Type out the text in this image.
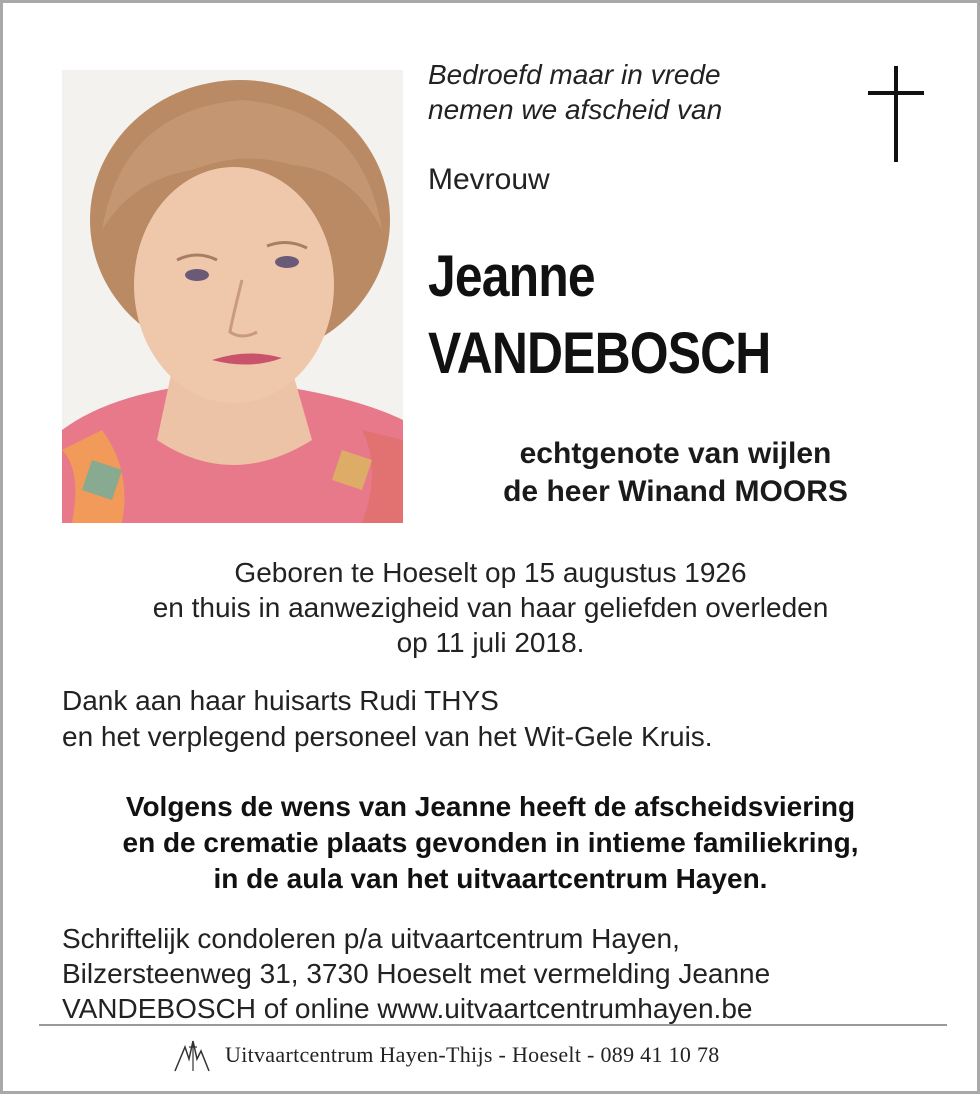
Bedroefd maar in vrede
nemen we afscheid van
Mevrouw
Jeanne
VANDEBOSCH
echtgenote van wijlen
de heer Winand MOORS
Geboren te Hoeselt op 15 augustus 1926
en thuis in aanwezigheid van haar geliefden overleden
op 11 juli 2018.
Dank aan haar huisarts Rudi THYS
en het verplegend personeel van het Wit-Gele Kruis.
Volgens de wens van Jeanne heeft de afscheidsviering
en de crematie plaats gevonden in intieme familiekring,
in de aula van het uitvaartcentrum Hayen.
Schriftelijk condoleren p/a uitvaartcentrum Hayen,
Bilzersteenweg 31, 3730 Hoeselt met vermelding Jeanne
VANDEBOSCH of online www.uitvaartcentrumhayen.be
Uitvaartcentrum Hayen-Thijs - Hoeselt - 089 41 10 78
